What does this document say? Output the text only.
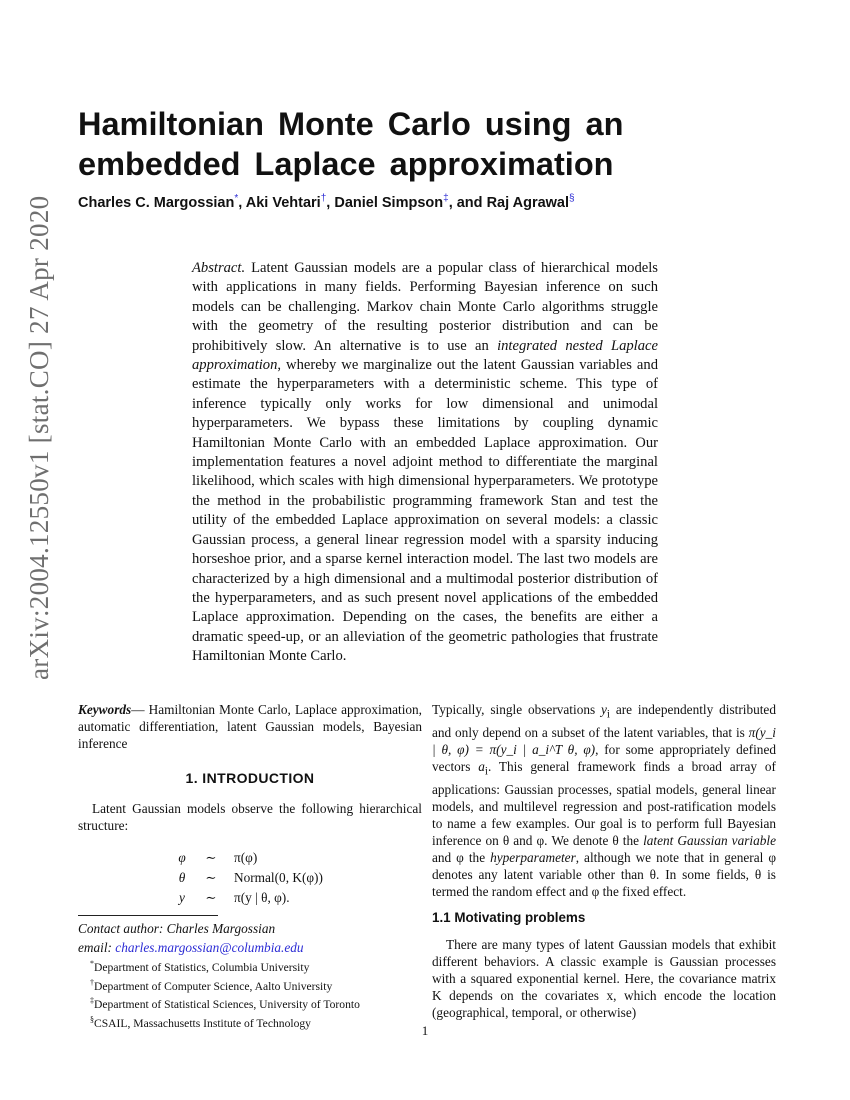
arXiv:2004.12550v1 [stat.CO] 27 Apr 2020
Hamiltonian Monte Carlo using an embedded Laplace approximation
Charles C. Margossian*, Aki Vehtari†, Daniel Simpson‡, and Raj Agrawal§

Abstract. Latent Gaussian models are a popular class of hierarchical models with applications in many fields. Performing Bayesian inference on such models can be challenging. Markov chain Monte Carlo algorithms struggle with the geometry of the resulting posterior distribution and can be prohibitively slow. An alternative is to use an integrated nested Laplace approximation, whereby we marginalize out the latent Gaussian variables and estimate the hyperparameters with a deterministic scheme. This type of inference typically only works for low dimensional and unimodal hyperparameters. We bypass these limitations by coupling dynamic Hamiltonian Monte Carlo with an embedded Laplace approximation. Our implementation features a novel adjoint method to differentiate the marginal likelihood, which scales with high dimensional hyperparameters. We prototype the method in the probabilistic programming framework Stan and test the utility of the embedded Laplace approximation on several models: a classic Gaussian process, a general linear regression model with a sparsity inducing horseshoe prior, and a sparse kernel interaction model. The last two models are characterized by a high dimensional and a multimodal posterior distribution of the hyperparameters, and as such present novel applications of the embedded Laplace approximation. Depending on the cases, the benefits are either a dramatic speed-up, or an alleviation of the geometric pathologies that frustrate Hamiltonian Monte Carlo.

Keywords— Hamiltonian Monte Carlo, Laplace approximation, automatic differentiation, latent Gaussian models, Bayesian inference

1. INTRODUCTION

Latent Gaussian models observe the following hierarchical structure:

φ	∼	π(φ)
θ	∼	Normal(0, K(φ))
y	∼	π(y | θ, φ).
Contact author: Charles Margossian
email: charles.margossian@columbia.edu
*Department of Statistics, Columbia University
†Department of Computer Science, Aalto University
‡Department of Statistical Sciences, University of Toronto
§CSAIL, Massachusetts Institute of Technology

Typically, single observations $y_i$ are independently distributed and only depend on a subset of the latent variables, that is π(y_i | θ, φ) = π(y_i | a_i^T θ, φ), for some appropriately defined vectors $a_i$. This general framework finds a broad array of applications: Gaussian processes, spatial models, general linear models, and multilevel regression and post-ratification models to name a few examples. Our goal is to perform full Bayesian inference on θ and φ. We denote θ the latent Gaussian variable and φ the hyperparameter, although we note that in general φ denotes any latent variable other than θ. In some fields, θ is termed the random effect and φ the fixed effect.

1.1 Motivating problems

There are many types of latent Gaussian models that exhibit different behaviors. A classic example is Gaussian processes with a squared exponential kernel. Here, the covariance matrix K depends on the covariates x, which encode the location (geographical, temporal, or otherwise)

1
